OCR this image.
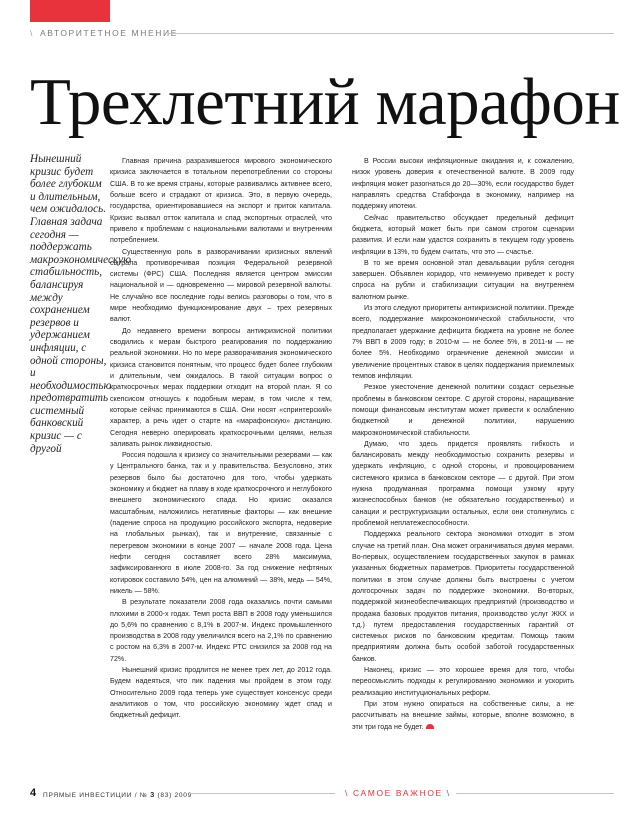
\ АВТОРИТЕТНОЕ МНЕНИЕ
Трехлетний марафон

Нынешний кризис будет более глубоким и длительным, чем ожидалось. Главная задача сегодня — поддержать макроэкономическую стабильность, балансируя между сохранением резервов и удержанием инфляции, с одной стороны, и необходимостью предотвратить системный банковский кризис — с другой

Главная причина разразившегося мирового экономического кризиса заключается в тотальном перепотреблении со стороны США. В то же время страны, которые развивались активнее всего, больше всего и страдают от кризиса. Это, в первую очередь, государства, ориентировавшиеся на экспорт и приток капитала. Кризис вызвал отток капитала и спад экспортных отраслей, что привело к проблемам с национальными валютами и внутренним потреблением.

Существенную роль в разворачивании кризисных явлений сыграла противоречивая позиция Федеральной резервной системы (ФРС) США. Последняя является центром эмиссии национальной и — одновременно — мировой резервной валюты. Не случайно все последние годы велись разговоры о том, что в мире необходимо функционирование двух – трех резервных валют.

До недавнего времени вопросы антикризисной политики сводились к мерам быстрого реагирования по поддержанию реальной экономики. Но по мере разворачивания экономического кризиса становится понятным, что процесс будет более глубоким и длительным, чем ожидалось. В такой ситуации вопрос о краткосрочных мерах поддержки отходит на второй план. Я со скепсисом отношусь к подобным мерам, в том числе к тем, которые сейчас принимаются в США. Они носят «спринтерский» характер, а речь идет о старте на «марафонскую» дистанцию. Сегодня неверно оперировать краткосрочными целями, нельзя заливать рынок ликвидностью.

Россия подошла к кризису со значительными резервами — как у Центрального банка, так и у правительства. Безусловно, этих резервов было бы достаточно для того, чтобы удержать экономику и бюджет на плаву в ходе краткосрочного и неглубокого внешнего экономического спада. Но кризис оказался масштабным, наложились негативные факторы — как внешние (падение спроса на продукцию российского экспорта, недоверие на глобальных рынках), так и внутренние, связанные с перегревом экономики в конце 2007 — начале 2008 года. Цена нефти сегодня составляет всего 28% максимума, зафиксированного в июле 2008-го. За год снижение нефтяных котировок составило 54%, цен на алюминий — 38%, медь — 54%, никель — 58%.

В результате показатели 2008 года оказались почти самыми плохими в 2000-х годах. Темп роста ВВП в 2008 году уменьшился до 5,6% по сравнению с 8,1% в 2007-м. Индекс промышленного производства в 2008 году увеличился всего на 2,1% по сравнению с ростом на 6,3% в 2007-м. Индекс РТС снизился за 2008 год на 72%.

Нынешний кризис продлится не менее трех лет, до 2012 года. Будем надеяться, что пик падения мы пройдем в этом году. Относительно 2009 года теперь уже существует консенсус среди аналитиков о том, что российскую экономику ждет спад и бюджетный дефицит.

В России высоки инфляционные ожидания и, к сожалению, низок уровень доверия к отечественной валюте. В 2009 году инфляция может разогнаться до 20—30%, если государство будет направлять средства Стабфонда в экономику, например на поддержку ипотеки.

Сейчас правительство обсуждает предельный дефицит бюджета, который может быть при самом строгом сценарии развития. И если нам удастся сохранить в текущем году уровень инфляции в 13%, то будем считать, что это — счастье.

В то же время основной этап девальвации рубля сегодня завершен. Объявлен коридор, что неминуемо приведет к росту спроса на рубли и стабилизации ситуации на внутреннем валютном рынке.

Из этого следуют приоритеты антикризисной политики. Прежде всего, поддержание макроэкономической стабильности, что предполагает удержание дефицита бюджета на уровне не более 7% ВВП в 2009 году; в 2010-м — не более 5%, в 2011-м — не более 5%. Необходимо ограничение денежной эмиссии и увеличение процентных ставок в целях поддержания приемлемых темпов инфляции.

Резкое ужесточение денежной политики создаст серьезные проблемы в банковском секторе. С другой стороны, наращивание помощи финансовым институтам может привести к ослаблению бюджетной и денежной политики, нарушению макроэкономической стабильности.

Думаю, что здесь придется проявлять гибкость и балансировать между необходимостью сохранить резервы и удержать инфляцию, с одной стороны, и провоцированием системного кризиса в банковском секторе — с другой. При этом нужна продуманная программа помощи узкому кругу жизнеспособных банков (не обязательно государственных) и санации и реструктуризации остальных, если они столкнулись с проблемой неплатежеспособности.

Поддержка реального сектора экономики отходит в этом случае на третий план. Она может ограничиваться двумя мерами. Во-первых, осуществлением государственных закупок в рамках указанных бюджетных параметров. Приоритеты государственной политики в этом случае должны быть выстроены с учетом долгосрочных задач по поддержке экономики. Во-вторых, поддержкой жизнеобеспечивающих предприятий (производство и продажа базовых продуктов питания, производство услуг ЖКХ и т.д.) путем предоставления государственных гарантий от системных рисков по банковским кредитам. Помощь таким предприятиям должна быть особой заботой государственных банков.

Наконец, кризис — это хорошее время для того, чтобы переосмыслить подходы к регулированию экономики и ускорить реализацию институциональных реформ.

При этом нужно опираться на собственные силы, а не рассчитывать на внешние займы, которые, вполне возможно, в эти три года не будет.

4 ПРЯМЫЕ ИНВЕСТИЦИИ / № 3 (83) 2009	\ САМОЕ ВАЖНОЕ \
